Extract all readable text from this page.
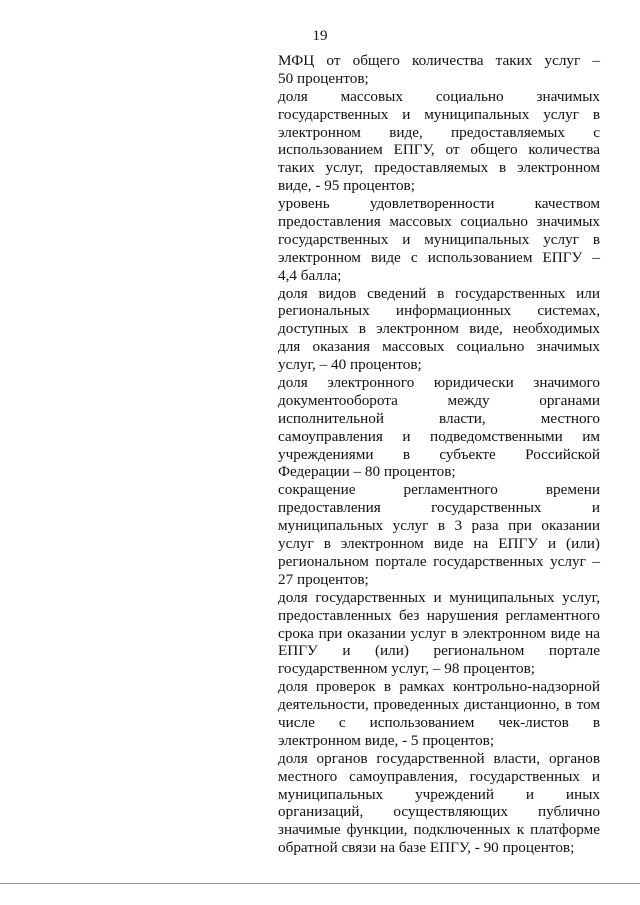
19
МФЦ от общего количества таких услуг –
50 процентов;
доля массовых социально значимых
государственных и муниципальных услуг в
электронном виде, предоставляемых с
использованием ЕПГУ, от общего количества
таких услуг, предоставляемых в электронном
виде, - 95 процентов;
уровень удовлетворенности качеством
предоставления массовых социально значимых
государственных и муниципальных услуг в
электронном виде с использованием ЕПГУ –
4,4 балла;
доля видов сведений в государственных или
региональных информационных системах,
доступных в электронном виде, необходимых
для оказания массовых социально значимых
услуг, – 40 процентов;
доля электронного юридически значимого
документооборота между органами
исполнительной власти, местного
самоуправления и подведомственными им
учреждениями в субъекте Российской
Федерации – 80 процентов;
сокращение регламентного времени
предоставления государственных и
муниципальных услуг в 3 раза при оказании
услуг в электронном виде на ЕПГУ и (или)
региональном портале государственных услуг –
27 процентов;
доля государственных и муниципальных услуг,
предоставленных без нарушения регламентного
срока при оказании услуг в электронном виде на
ЕПГУ и (или) региональном портале
государственном услуг, – 98 процентов;
доля проверок в рамках контрольно-надзорной
деятельности, проведенных дистанционно, в том
числе с использованием чек-листов в
электронном виде, - 5 процентов;
доля органов государственной власти, органов
местного самоуправления, государственных и
муниципальных учреждений и иных
организаций, осуществляющих публично
значимые функции, подключенных к платформе
обратной связи на базе ЕПГУ, - 90 процентов;
